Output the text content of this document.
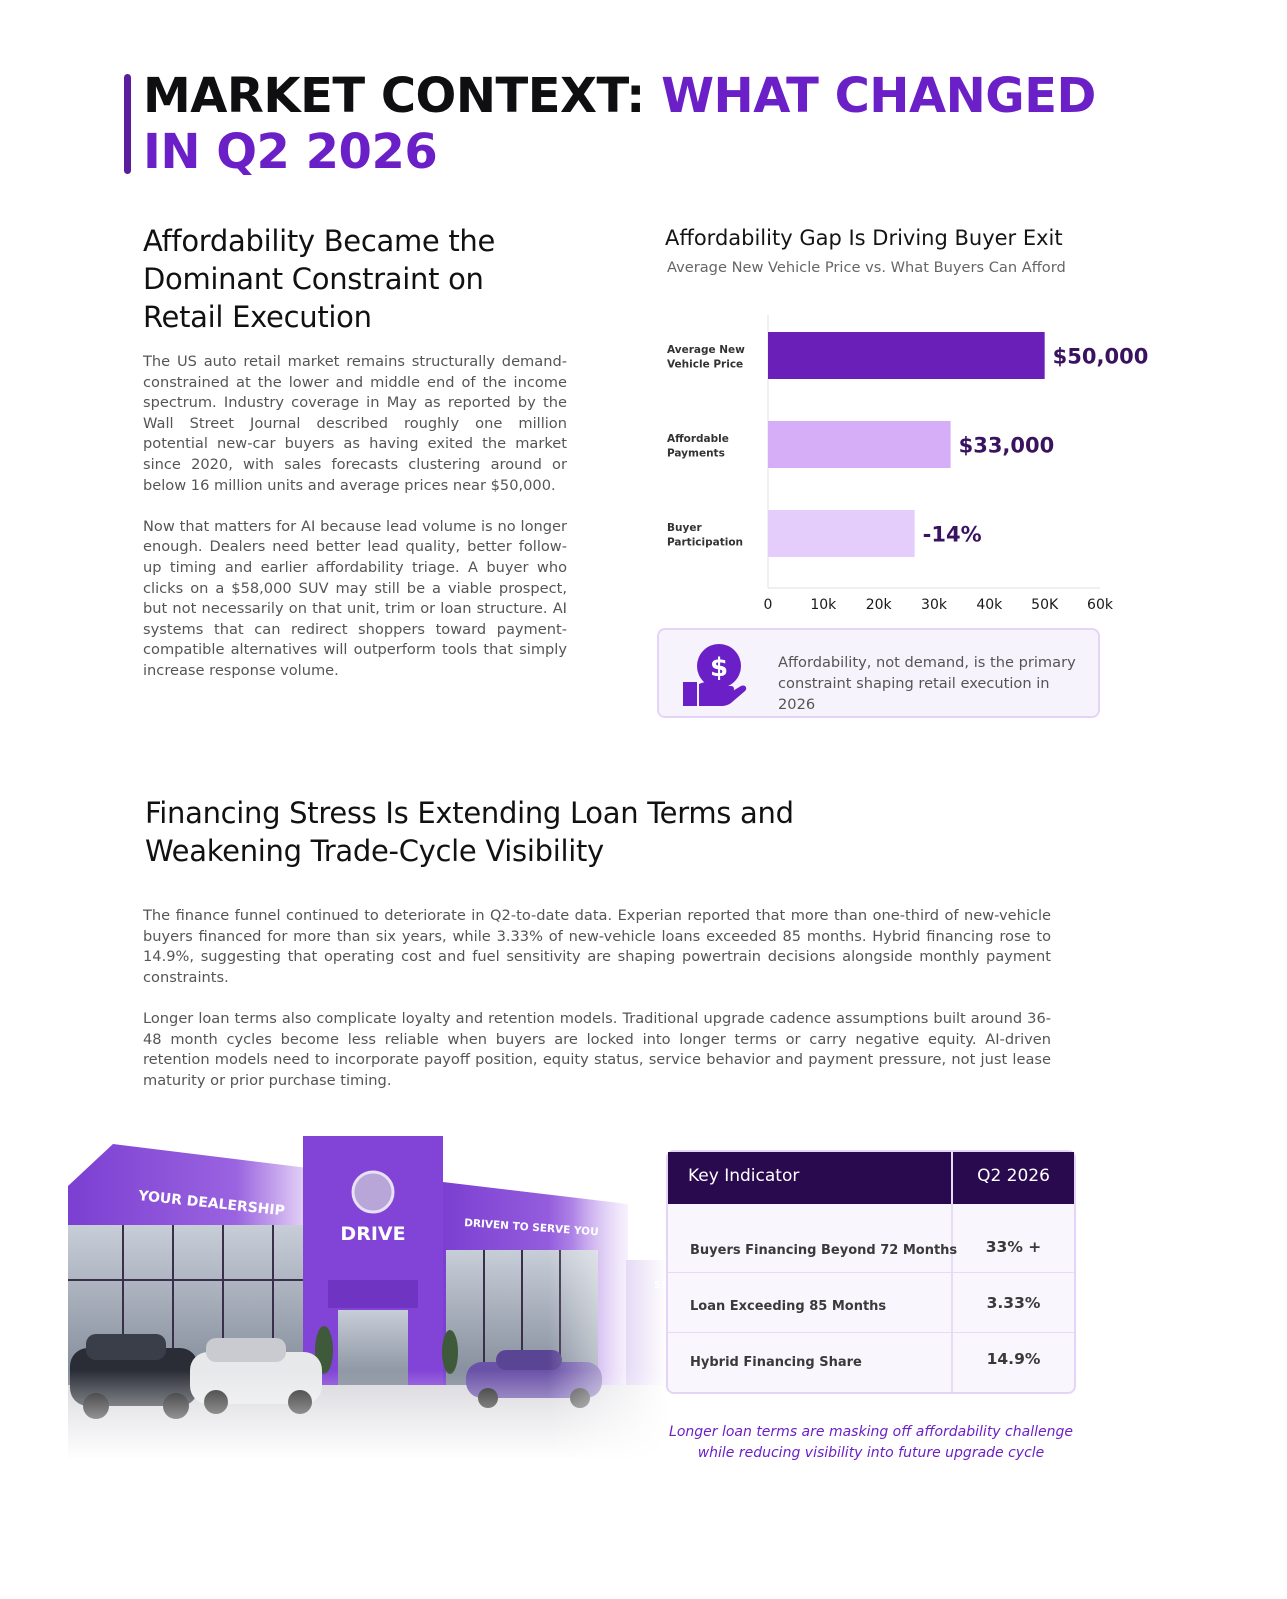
MARKET CONTEXT: WHAT CHANGED
IN Q2 2026
Affordability Became the Dominant Constraint on Retail Execution

The US auto retail market remains structurally demand-constrained at the lower and middle end of the income spectrum. Industry coverage in May as reported by the Wall Street Journal described roughly one million potential new-car buyers as having exited the market since 2020, with sales forecasts clustering around or below 16 million units and average prices near $50,000.

Now that matters for AI because lead volume is no longer enough. Dealers need better lead quality, better follow-up timing and earlier affordability triage. A buyer who clicks on a $58,000 SUV may still be a viable prospect, but not necessarily on that unit, trim or loan structure. AI systems that can redirect shoppers toward payment-compatible alternatives will outperform tools that simply increase response volume.

Affordability Gap Is Driving Buyer Exit
Average New Vehicle Price vs. What Buyers Can Afford
Average New
Vehicle Price	$50,000
Affordable
Payments	$33,000
Buyer
Participation	-14%
0	10k 20k 30k 40k 50K 60k
$	Affordability, not demand, is the primary constraint shaping retail execution in 2026
Financing Stress Is Extending Loan Terms and
Weakening Trade-Cycle Visibility

The finance funnel continued to deteriorate in Q2-to-date data. Experian reported that more than one-third of new-vehicle buyers financed for more than six years, while 3.33% of new-vehicle loans exceeded 85 months. Hybrid financing rose to 14.9%, suggesting that operating cost and fuel sensitivity are shaping powertrain decisions alongside monthly payment constraints.

Longer loan terms also complicate loyalty and retention models. Traditional upgrade cadence assumptions built around 36-48 month cycles become less reliable when buyers are locked into longer terms or carry negative equity. AI-driven retention models need to incorporate payoff position, equity status, service behavior and payment pressure, not just lease maturity or prior purchase timing.

Key Indicator	Q2 2026
Buyers Financing Beyond 72 Months	33% +
Loan Exceeding 85 Months	3.33%
Hybrid Financing Share	14.9%
Longer loan terms are masking off affordability challenge
while reducing visibility into future upgrade cycle
